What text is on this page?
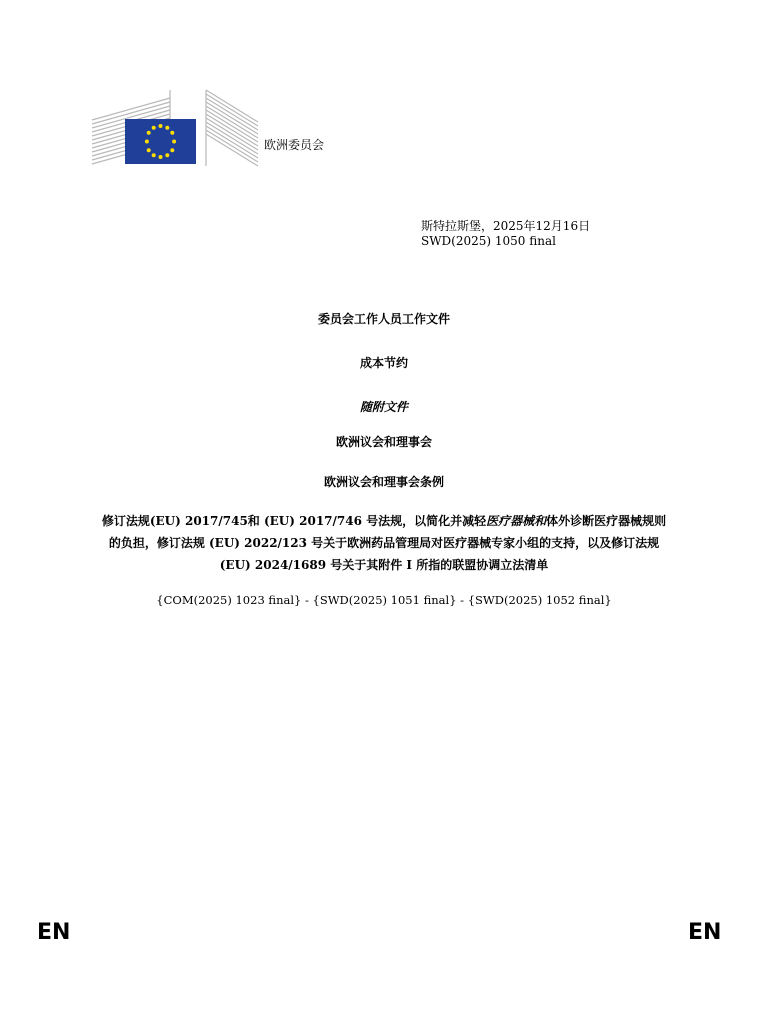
欧洲委员会
斯特拉斯堡，2025年12月16日
SWD(2025) 1050 final
委员会工作人员工作文件
成本节约
随附文件
欧洲议会和理事会
欧洲议会和理事会条例
修订法规(EU) 2017/745和 (EU) 2017/746 号法规，以简化并减轻医疗器械和体外诊断医疗器械规则的负担，修订法规 (EU) 2022/123 号关于欧洲药品管理局对医疗器械专家小组的支持，以及修订法规 (EU) 2024/1689 号关于其附件 I 所指的联盟协调立法清单
{COM(2025) 1023 final} - {SWD(2025) 1051 final} - {SWD(2025) 1052 final}
EN	EN
